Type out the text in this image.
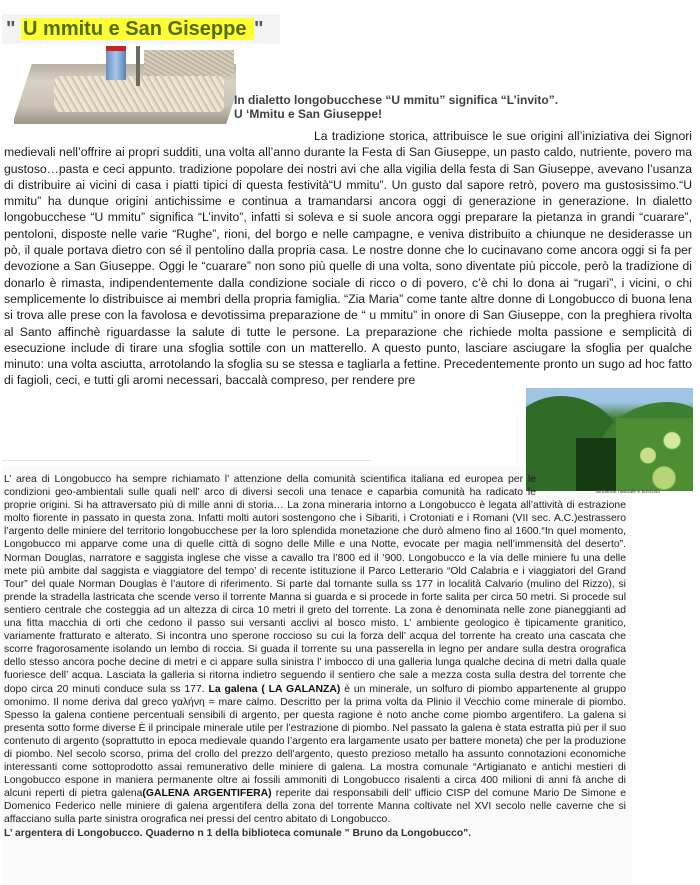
" U mmitu e San Giseppe "
In dialetto longobucchese “U mmitu” significa “L’invito”.
U ‘Mmitu e San Giuseppe!
La tradizione storica, attribuisce le sue origini all’iniziativa dei Signori medievali nell’offrire ai propri sudditi, una volta all’anno durante la Festa di San Giuseppe, un pasto caldo, nutriente, povero ma gustoso…pasta e ceci appunto. tradizione popolare dei nostri avi che alla vigilia della festa di San Giuseppe, avevano l’usanza di distribuire ai vicini di casa i piatti tipici di questa festività“U mmitu”. Un gusto dal sapore retrò, povero ma gustosissimo.“U mmitu” ha dunque origini antichissime e continua a tramandarsi ancora oggi di generazione in generazione. In dialetto longobucchese “U mmitu” significa “L’invito”, infatti si soleva e si suole ancora oggi preparare la pietanza in grandi “cuarare”, pentoloni, disposte nelle varie “Rughe”, rioni, del borgo e nelle campagne, e veniva distribuito a chiunque ne desiderasse un pò, il quale portava dietro con sé il pentolino dalla propria casa. Le nostre donne che lo cucinavano come ancora oggi si fa per devozione a San Giuseppe. Oggi le “cuarare” non sono più quelle di una volta, sono diventate più piccole, però la tradizione di donarlo è rimasta, indipendentemente dalla condizione sociale di ricco o di povero, c’è chi lo dona ai “rugari”, i vicini, o chi semplicemente lo distribuisce ai membri della propria famiglia. “Zia Maria” come tante altre donne di Longobucco di buona lena si trova alle prese con la favolosa e devotissima preparazione de “ u mmitu” in onore di San Giuseppe, con la preghiera rivolta al Santo affinchè riguardasse la salute di tutte le persone. La preparazione che richiede molta passione e semplicità di esecuzione include di tirare una sfoglia sottile con un matterello. A questo punto, lasciare asciugare la sfoglia per qualche minuto: una volta asciutta, arrotolando la sfoglia su se stessa e tagliarla a fettine. Precedentemente pronto un sugo ad hoc fatto di fagioli, ceci, e tutti gli aromi necessari, baccalà compreso, per rendere pre
ambiente naturale e boscoso
L’ area di Longobucco ha sempre richiamato l’ attenzione della comunità scientifica italiana ed europea per le condizioni geo-ambientali sulle quali nell’ arco di diversi secoli una tenace e caparbia comunità ha radicato le proprie origini. Si ha attraversato più di mille anni di storia… La zona mineraria intorno a Longobucco è legata all’attività di estrazione molto fiorente in passato in questa zona. Infatti molti autori sostengono che i Sibariti, i Crotoniati e i Romani (VII sec. A.C.)estrassero l’argento delle miniere del territorio longobucchese per la loro splendida monetazione che durò almeno fino al 1600.“In quel momento, Longobucco mi apparve come una di quelle città di sogno delle Mille e una Notte, evocate per magia nell’immensità del deserto”. Norman Douglas, narratore e saggista inglese che visse a cavallo tra l’800 ed il ’900. Longobucco e la via delle miniere fu una delle mete più ambite dal saggista e viaggiatore del tempo’ di recente istituzione il Parco Letterario “Old Calabria e i viaggiatori del Grand Tour” del quale Norman Douglas è l’autore di riferimento. Si parte dal tornante sulla ss 177 in località Calvario (mulino del Rizzo), si prende la stradella lastricata che scende verso il torrente Manna si guarda e si procede in forte salita per circa 50 metri. Si procede sul sentiero centrale che costeggia ad un altezza di circa 10 metri il greto del torrente. La zona è denominata nelle zone pianeggianti ad una fitta macchia di orti che cedono il passo sui versanti acclivi al bosco misto. L’ ambiente geologico è tipicamente granitico, variamente fratturato e alterato. Si incontra uno sperone roccioso su cui la forza dell’ acqua del torrente ha creato una cascata che scorre fragorosamente isolando un lembo di roccia. Si guada il torrente su una passerella in legno per andare sulla destra orografica dello stesso ancora poche decine di metri e ci appare sulla sinistra l’ imbocco di una galleria lunga qualche decina di metri dalla quale fuoriesce dell’ acqua. Lasciata la galleria si ritorna indietro seguendo il sentiero che sale a mezza costa sulla destra del torrente che dopo circa 20 minuti conduce sula ss 177. La galena ( LA GALANZA) è un minerale, un solfuro di piombo appartenente al gruppo omonimo. Il nome deriva dal greco γαλήνη = mare calmo. Descritto per la prima volta da Plinio il Vecchio come minerale di piombo. Spesso la galena contiene percentuali sensibili di argento, per questa ragione è noto anche come piombo argentifero. La galena si presenta sotto forme diverse È il principale minerale utile per l’estrazione di piombo. Nel passato la galena è stata estratta più per il suo contenuto di argento (soprattutto in epoca medievale quando l’argento era largamente usato per battere moneta) che per la produzione di piombo. Nel secolo scorso, prima del crollo del prezzo dell’argento, questo prezioso metallo ha assunto connotazioni economiche interessanti come sottoprodotto assai remunerativo delle miniere di galena. La mostra comunale “Artigianato e antichi mestieri di Longobucco espone in maniera permanente oltre ai fossili ammoniti di Longobucco risalenti a circa 400 milioni di anni fà anche di alcuni reperti di pietra galena(GALENA ARGENTIFERA) reperite dai responsabili dell’ ufficio CISP del comune Mario De Simone e Domenico Federico nelle miniere di galena argentifera della zona del torrente Manna coltivate nel XVI secolo nelle caverne che si affacciano sulla parte sinistra orografica nei pressi del centro abitato di Longobucco.
L’ argentera di Longobucco. Quaderno n 1 della biblioteca comunale " Bruno da Longobucco".
